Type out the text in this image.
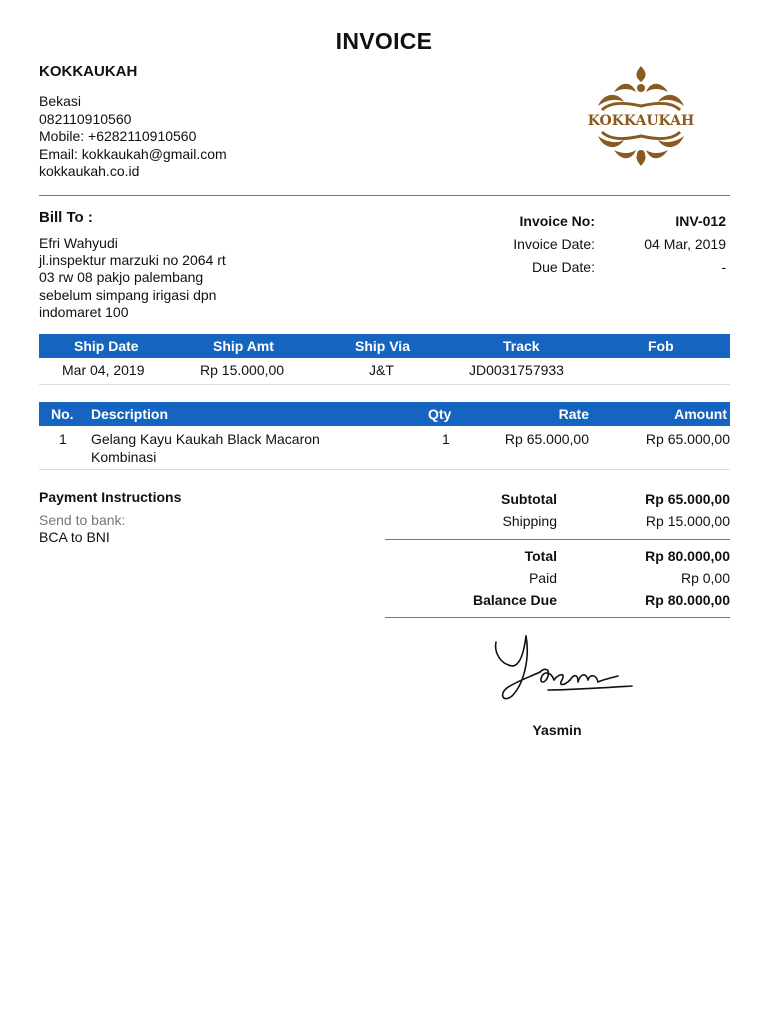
INVOICE
KOKKAUKAH
Bekasi
082110910560
Mobile: +6282110910560
Email: kokkaukah@gmail.com
kokkaukah.co.id
KOKKAUKAH
Bill To :
Efri Wahyudi
jl.inspektur marzuki no 2064 rt
03 rw 08 pakjo palembang
sebelum simpang irigasi dpn
indomaret 100
Invoice No:	INV-012
Invoice Date:	04 Mar, 2019
Due Date:	-
Ship Date	Ship Amt	Ship Via	Track	Fob
Mar 04, 2019	Rp 15.000,00	J&T	JD0031757933
No. Description	Qty	Rate	Amount
1 Gelang Kayu Kaukah Black Macaron
Kombinasi
1	Rp 65.000,00	Rp 65.000,00
Payment Instructions
Send to bank:
BCA to BNI
Subtotal	Rp 65.000,00
Shipping	Rp 15.000,00
Total	Rp 80.000,00
Paid	Rp 0,00
Balance Due	Rp 80.000,00
Yasmin
